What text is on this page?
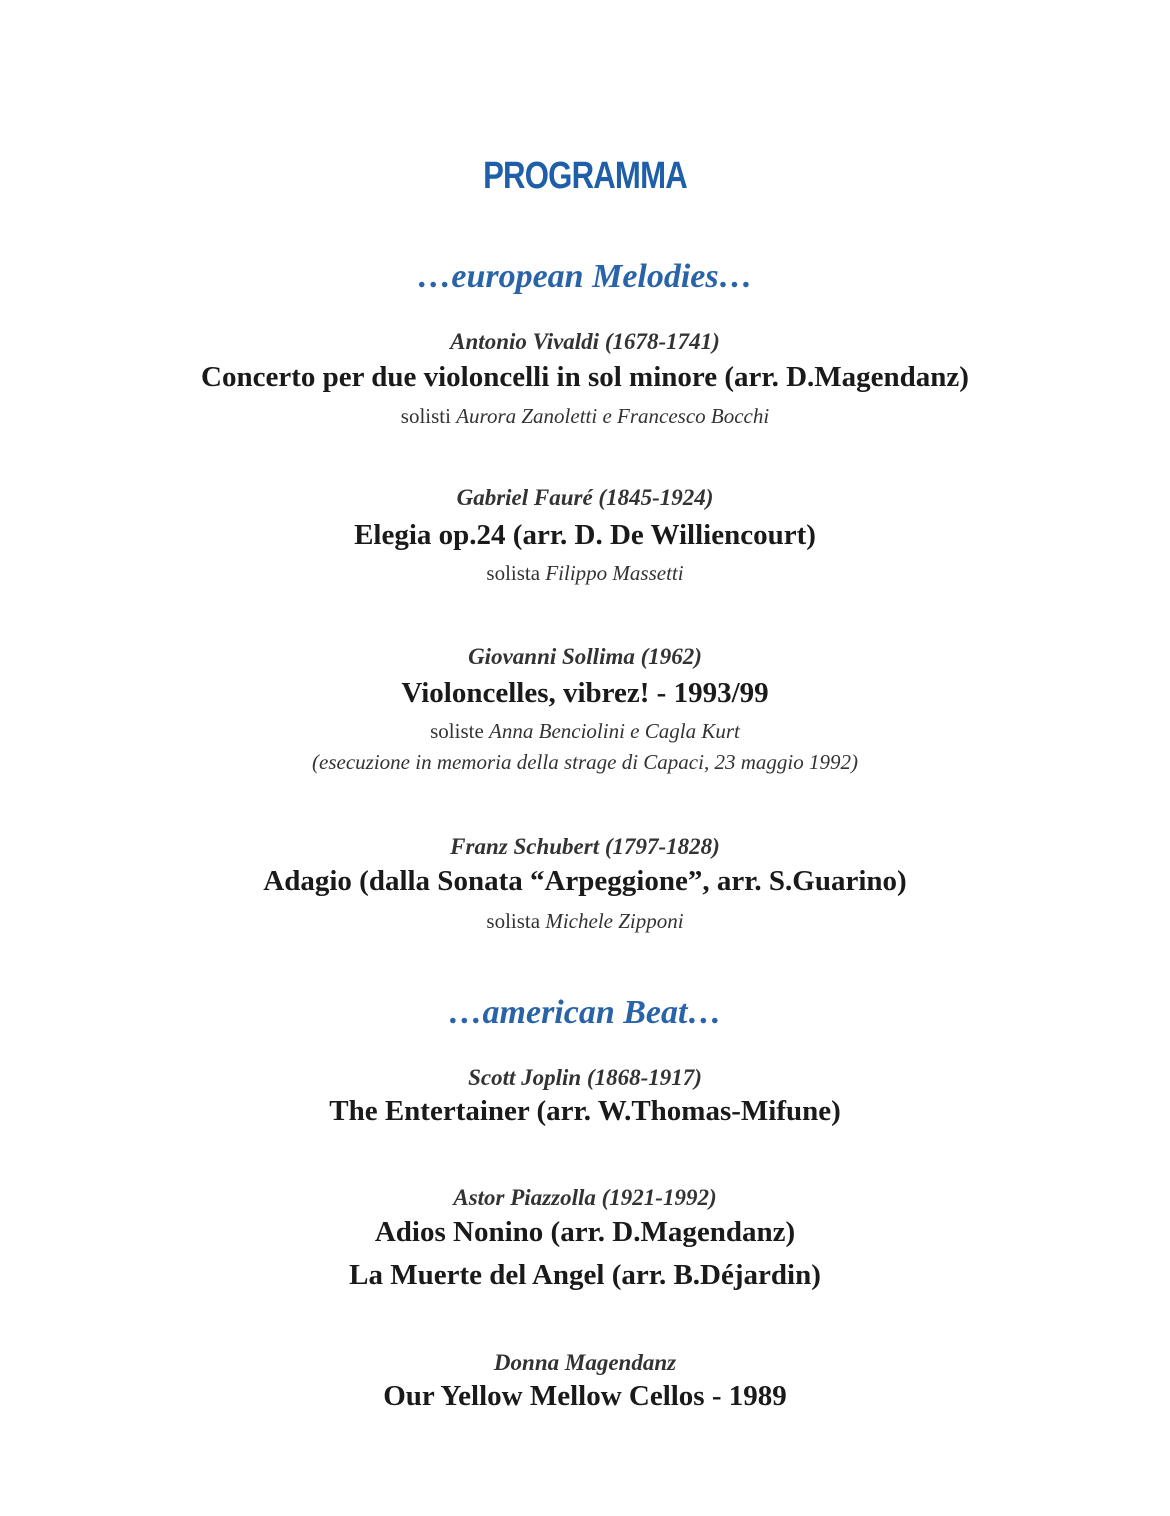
PROGRAMMA
…european Melodies…
Antonio Vivaldi (1678-1741)
Concerto per due violoncelli in sol minore (arr. D.Magendanz)
solisti Aurora Zanoletti e Francesco Bocchi
Gabriel Fauré (1845-1924)
Elegia op.24 (arr. D. De Williencourt)
solista Filippo Massetti
Giovanni Sollima (1962)
Violoncelles, vibrez! - 1993/99
soliste Anna Benciolini e Cagla Kurt
(esecuzione in memoria della strage di Capaci, 23 maggio 1992)
Franz Schubert (1797-1828)
Adagio (dalla Sonata “Arpeggione”, arr. S.Guarino)
solista Michele Zipponi
…american Beat…
Scott Joplin (1868-1917)
The Entertainer (arr. W.Thomas-Mifune)
Astor Piazzolla (1921-1992)
Adios Nonino (arr. D.Magendanz)
La Muerte del Angel (arr. B.Déjardin)
Donna Magendanz
Our Yellow Mellow Cellos - 1989
